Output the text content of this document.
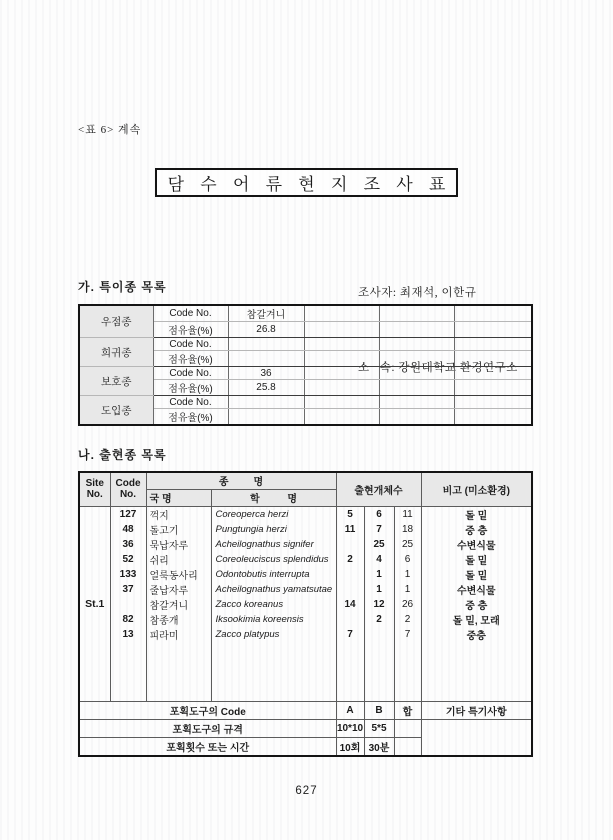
<표 6> 계속
담 수 어 류 현 지 조 사 표

조사자: 최재석, 이한규

소   속: 강원대학교 환경연구소

가. 특이종 목록
우점종	Code No.	참갈겨니			
	점유율(%)	26.8			
희귀종	Code No.				
	점유율(%)				
보호종	Code No.	36			
	점유율(%)	25.8			
도입종	Code No.				
	점유율(%)				
나. 출현종 목록
Site
No.	Code No.	종         명		출현개체수			비고 (미소환경)
		국 명	학          명				
St.1	127	꺽지	Coreoperca herzi	5	6	11	돌 밑
	48	돌고기	Pungtungia herzi	11	7	18	중 층
	36	묵납자루	Acheilognathus signifer		25	25	수변식물
	52	쉬리	Coreoleuciscus splendidus	2	4	6	돌 밑
	133	얼룩동사리	Odontobutis interrupta		1	1	돌 밑
	37	줄납자루	Acheilognathus yamatsutae		1	1	수변식물
		참갈겨니	Zacco koreanus	14	12	26	중 층
	82	참종개	Iksookimia koreensis		2	2	돌 밑, 모래
	13	피라미	Zacco platypus	7		7	중층

포획도구의 Code				A	B	합	기타 특기사항
포획도구의 규격				10*10	5*5		
포획횟수 또는 시간				10회	30분		
627
